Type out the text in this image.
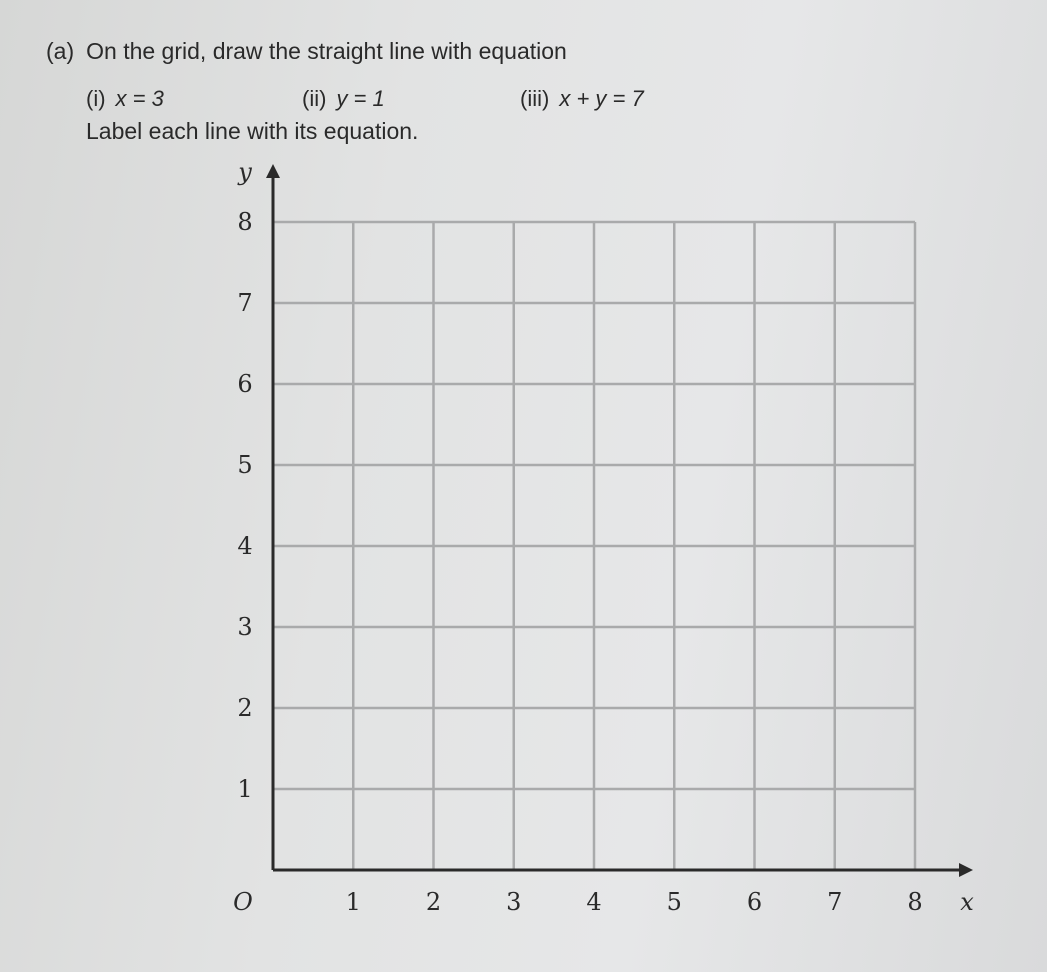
(a) On the grid, draw the straight line with equation
(i) x = 3	(ii) y = 1	(iii) x + y = 7
Label each line with its equation.
1	2	3	4	5	6	7	8
1
2
3
4
5
6
7
8
O	x
y
